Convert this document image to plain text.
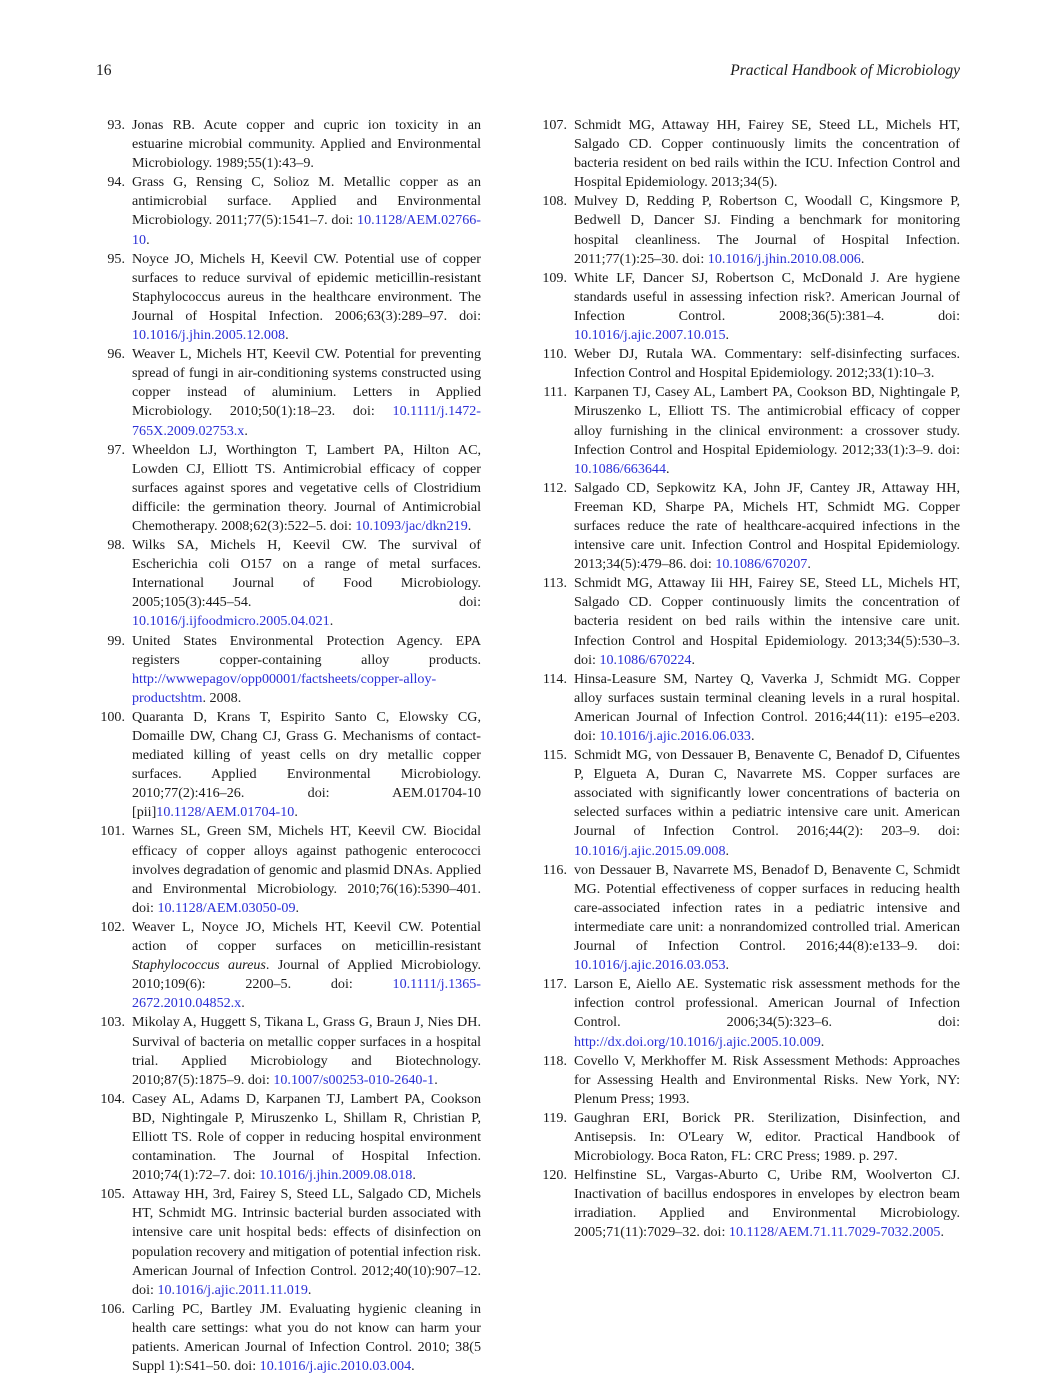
16	Practical Handbook of Microbiology
93. Jonas RB. Acute copper and cupric ion toxicity in an estuarine microbial community. Applied and Environmental Microbiology. 1989;55(1):43–9.
94. Grass G, Rensing C, Solioz M. Metallic copper as an antimicrobial surface. Applied and Environmental Microbiology. 2011;77(5):1541–7. doi: 10.1128/AEM.02766-10.
95. Noyce JO, Michels H, Keevil CW. Potential use of copper surfaces to reduce survival of epidemic meticillin-resistant Staphylococcus aureus in the healthcare environment. The Journal of Hospital Infection. 2006;63(3):289–97. doi: 10.1016/j.jhin.2005.12.008.
96. Weaver L, Michels HT, Keevil CW. Potential for preventing spread of fungi in air-conditioning systems constructed using copper instead of aluminium. Letters in Applied Microbiology. 2010;50(1):18–23. doi: 10.1111/j.1472-765X.2009.02753.x.
97. Wheeldon LJ, Worthington T, Lambert PA, Hilton AC, Lowden CJ, Elliott TS. Antimicrobial efficacy of copper surfaces against spores and vegetative cells of Clostridium difficile: the germination theory. Journal of Antimicrobial Chemotherapy. 2008;62(3):522–5. doi: 10.1093/jac/dkn219.
98. Wilks SA, Michels H, Keevil CW. The survival of Escherichia coli O157 on a range of metal surfaces. International Journal of Food Microbiology. 2005;105(3):445–54. doi: 10.1016/j.ijfoodmicro.2005.04.021.
99. United States Environmental Protection Agency. EPA registers copper-containing alloy products. http://wwwepagov/opp00001/factsheets/copper-alloy-productshtm. 2008.
100. Quaranta D, Krans T, Espirito Santo C, Elowsky CG, Domaille DW, Chang CJ, Grass G. Mechanisms of contact-mediated killing of yeast cells on dry metallic copper surfaces. Applied Environmental Microbiology. 2010;77(2):416–26. doi: AEM.01704-10 [pii]10.1128/AEM.01704-10.
101. Warnes SL, Green SM, Michels HT, Keevil CW. Biocidal efficacy of copper alloys against pathogenic enterococci involves degradation of genomic and plasmid DNAs. Applied and Environmental Microbiology. 2010;76(16):5390–401. doi: 10.1128/AEM.03050-09.
102. Weaver L, Noyce JO, Michels HT, Keevil CW. Potential action of copper surfaces on meticillin-resistant Staphylococcus aureus. Journal of Applied Microbiology. 2010;109(6): 2200–5. doi: 10.1111/j.1365-2672.2010.04852.x.
103. Mikolay A, Huggett S, Tikana L, Grass G, Braun J, Nies DH. Survival of bacteria on metallic copper surfaces in a hospital trial. Applied Microbiology and Biotechnology. 2010;87(5):1875–9. doi: 10.1007/s00253-010-2640-1.
104. Casey AL, Adams D, Karpanen TJ, Lambert PA, Cookson BD, Nightingale P, Miruszenko L, Shillam R, Christian P, Elliott TS. Role of copper in reducing hospital environment contamination. The Journal of Hospital Infection. 2010;74(1):72–7. doi: 10.1016/j.jhin.2009.08.018.
105. Attaway HH, 3rd, Fairey S, Steed LL, Salgado CD, Michels HT, Schmidt MG. Intrinsic bacterial burden associated with intensive care unit hospital beds: effects of disinfection on population recovery and mitigation of potential infection risk. American Journal of Infection Control. 2012;40(10):907–12. doi: 10.1016/j.ajic.2011.11.019.
106. Carling PC, Bartley JM. Evaluating hygienic cleaning in health care settings: what you do not know can harm your patients. American Journal of Infection Control. 2010; 38(5 Suppl 1):S41–50. doi: 10.1016/j.ajic.2010.03.004.
107. Schmidt MG, Attaway HH, Fairey SE, Steed LL, Michels HT, Salgado CD. Copper continuously limits the concentration of bacteria resident on bed rails within the ICU. Infection Control and Hospital Epidemiology. 2013;34(5).
108. Mulvey D, Redding P, Robertson C, Woodall C, Kingsmore P, Bedwell D, Dancer SJ. Finding a benchmark for monitoring hospital cleanliness. The Journal of Hospital Infection. 2011;77(1):25–30. doi: 10.1016/j.jhin.2010.08.006.
109. White LF, Dancer SJ, Robertson C, McDonald J. Are hygiene standards useful in assessing infection risk?. American Journal of Infection Control. 2008;36(5):381–4. doi: 10.1016/j.ajic.2007.10.015.
110. Weber DJ, Rutala WA. Commentary: self-disinfecting surfaces. Infection Control and Hospital Epidemiology. 2012;33(1):10–3.
111. Karpanen TJ, Casey AL, Lambert PA, Cookson BD, Nightingale P, Miruszenko L, Elliott TS. The antimicrobial efficacy of copper alloy furnishing in the clinical environment: a crossover study. Infection Control and Hospital Epidemiology. 2012;33(1):3–9. doi: 10.1086/663644.
112. Salgado CD, Sepkowitz KA, John JF, Cantey JR, Attaway HH, Freeman KD, Sharpe PA, Michels HT, Schmidt MG. Copper surfaces reduce the rate of healthcare-acquired infections in the intensive care unit. Infection Control and Hospital Epidemiology. 2013;34(5):479–86. doi: 10.1086/670207.
113. Schmidt MG, Attaway Iii HH, Fairey SE, Steed LL, Michels HT, Salgado CD. Copper continuously limits the concentration of bacteria resident on bed rails within the intensive care unit. Infection Control and Hospital Epidemiology. 2013;34(5):530–3. doi: 10.1086/670224.
114. Hinsa-Leasure SM, Nartey Q, Vaverka J, Schmidt MG. Copper alloy surfaces sustain terminal cleaning levels in a rural hospital. American Journal of Infection Control. 2016;44(11): e195–e203. doi: 10.1016/j.ajic.2016.06.033.
115. Schmidt MG, von Dessauer B, Benavente C, Benadof D, Cifuentes P, Elgueta A, Duran C, Navarrete MS. Copper surfaces are associated with significantly lower concentrations of bacteria on selected surfaces within a pediatric intensive care unit. American Journal of Infection Control. 2016;44(2): 203–9. doi: 10.1016/j.ajic.2015.09.008.
116. von Dessauer B, Navarrete MS, Benadof D, Benavente C, Schmidt MG. Potential effectiveness of copper surfaces in reducing health care-associated infection rates in a pediatric intensive and intermediate care unit: a nonrandomized controlled trial. American Journal of Infection Control. 2016;44(8):e133–9. doi: 10.1016/j.ajic.2016.03.053.
117. Larson E, Aiello AE. Systematic risk assessment methods for the infection control professional. American Journal of Infection Control. 2006;34(5):323–6. doi: http://dx.doi.org/10.1016/j.ajic.2005.10.009.
118. Covello V, Merkhoffer M. Risk Assessment Methods: Approaches for Assessing Health and Environmental Risks. New York, NY: Plenum Press; 1993.
119. Gaughran ERI, Borick PR. Sterilization, Disinfection, and Antisepsis. In: O'Leary W, editor. Practical Handbook of Microbiology. Boca Raton, FL: CRC Press; 1989. p. 297.
120. Helfinstine SL, Vargas-Aburto C, Uribe RM, Woolverton CJ. Inactivation of bacillus endospores in envelopes by electron beam irradiation. Applied and Environmental Microbiology. 2005;71(11):7029–32. doi: 10.1128/AEM.71.11.7029-7032.2005.
